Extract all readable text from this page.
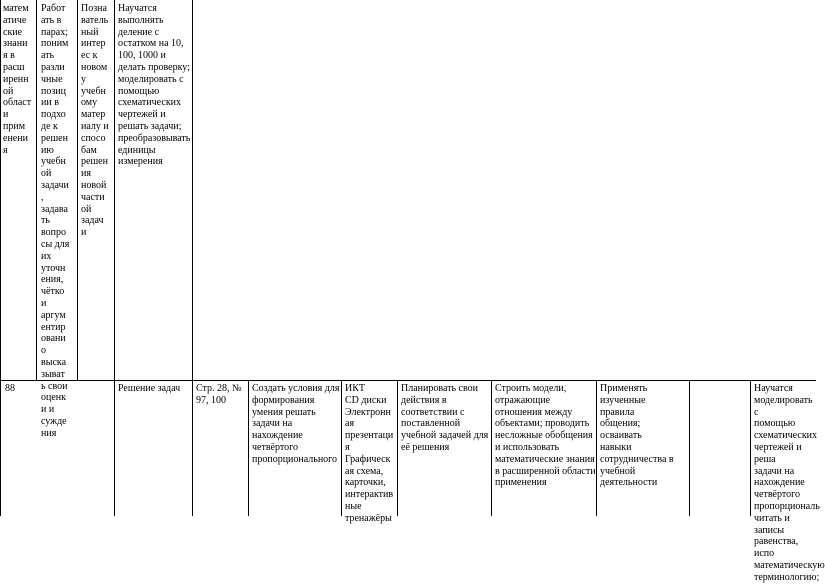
матем
атиче
ские
знани
я в
расш
иренн
ой
област
и
прим
енени
я
Работ
ать в
парах;
поним
ать
разли
чные
позиц
ии в
подхо
де к
решен
ию
учебн
ой
задачи
,
задава
ть
вопро
сы для
их
уточн
ения,
чётко
и
аргум
ентир
овани
о
выска
зыват
ь свои
оценк
и и
сужде
ния
Позна
ватель
ный
интер
ес к
новом
у
учебн
ому
матер
иалу и
спосо
бам
решен
ия
новой
части
ой
задач
и
Научатся
выполнять
деление с
остатком на 10,
100, 1000 и
делать проверку;
моделировать с
помощью
схематических
чертежей и
решать задачи;
преобразовывать
единицы
измерения
88	Решение задач	Стр. 28, №
97, 100
Создать условия для
формирования
умения решать
задачи на
нахождение
четвёртого
пропорционального
ИКТ
CD диски
Электронн
ая
презентаци
я
Графическ
ая схема,
карточки,
интерактив
ные
тренажёры
Планировать свои
действия в
соответствии с
поставленной
учебной задачей для
её решения
Строить модели,
отражающие
отношения между
объектами; проводить
несложные обобщения
и использовать
математические знания
в расширенной области
применения
Применять
изученные
правила
общения;
осваивать
навыки
сотрудничества в
учебной
деятельности
Научатся
моделировать с
помощью
схематических
чертежей и реша
задачи на
нахождение
четвёртого
пропорциональ
читать и записы
равенства, испо
математическую
терминологию;
